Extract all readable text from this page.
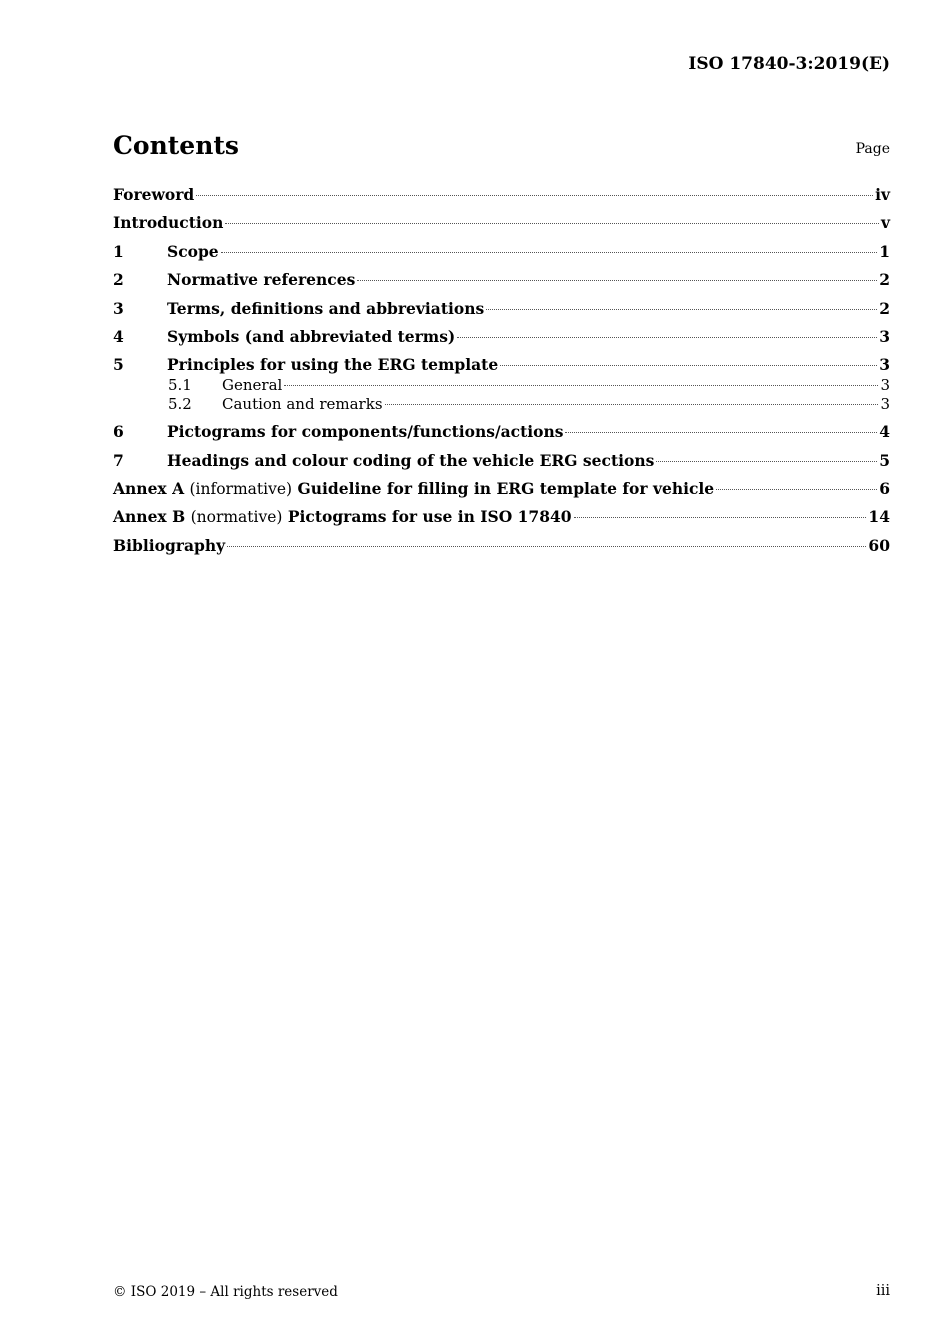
ISO 17840-3:2019(E)
Contents	Page
Foreword	iv
Introduction	v
1	Scope	1
2	Normative references	2
3	Terms, definitions and abbreviations	2
4	Symbols (and abbreviated terms)	3
5	Principles for using the ERG template	3
5.1	General	3
5.2	Caution and remarks	3
6	Pictograms for components/functions/actions	4
7	Headings and colour coding of the vehicle ERG sections	5
Annex A (informative) Guideline for filling in ERG template for vehicle	6
Annex B (normative) Pictograms for use in ISO 17840	14
Bibliography	60
© ISO 2019 – All rights reserved	iii
